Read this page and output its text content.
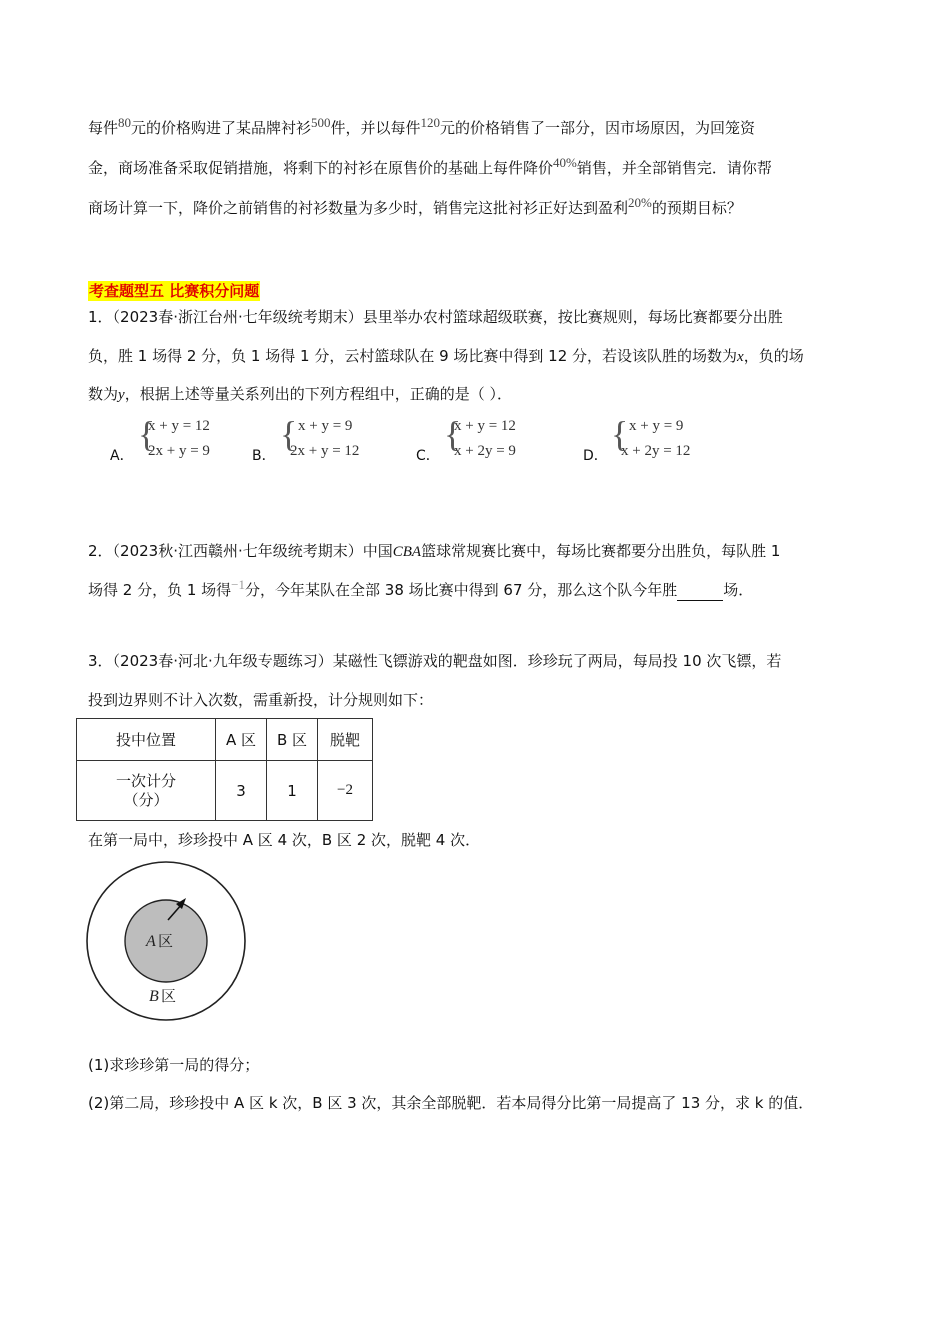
每件80元的价格购进了某品牌衬衫500件，并以每件120元的价格销售了一部分，因市场原因，为回笼资
金，商场准备采取促销措施，将剩下的衬衫在原售价的基础上每件降价40%销售，并全部销售完．请你帮
商场计算一下，降价之前销售的衬衫数量为多少时，销售完这批衬衫正好达到盈利20%的预期目标？
考查题型五 比赛积分问题
1．（2023春·浙江台州·七年级统考期末）县里举办农村篮球超级联赛，按比赛规则，每场比赛都要分出胜
负，胜 1 场得 2 分，负 1 场得 1 分，云村篮球队在 9 场比赛中得到 12 分，若设该队胜的场数为x，负的场
数为y，根据上述等量关系列出的下列方程组中，正确的是（ ）．
A．
{
x + y = 12
2x + y = 9	B．
{ x + y = 9
2x + y = 12	C．
{
x + y = 12
x + 2y = 9	D．
{ x + y = 9
x + 2y = 12
2．（2023秋·江西赣州·七年级统考期末）中国CBA篮球常规赛比赛中，每场比赛都要分出胜负，每队胜 1
场得 2 分，负 1 场得−1分，今年某队在全部 38 场比赛中得到 67 分，那么这个队今年胜	场．
3．（2023春·河北·九年级专题练习）某磁性飞镖游戏的靶盘如图．珍珍玩了两局，每局投 10 次飞镖，若
投到边界则不计入次数，需重新投，计分规则如下：
投中位置	A 区	B 区	脱靶

一次计分
（分）	3	1	−2
在第一局中，珍珍投中 A 区 4 次，B 区 2 次，脱靶 4 次．
A 区
B 区
(1)求珍珍第一局的得分；
(2)第二局，珍珍投中 A 区 k 次，B 区 3 次，其余全部脱靶．若本局得分比第一局提高了 13 分，求 k 的值．
